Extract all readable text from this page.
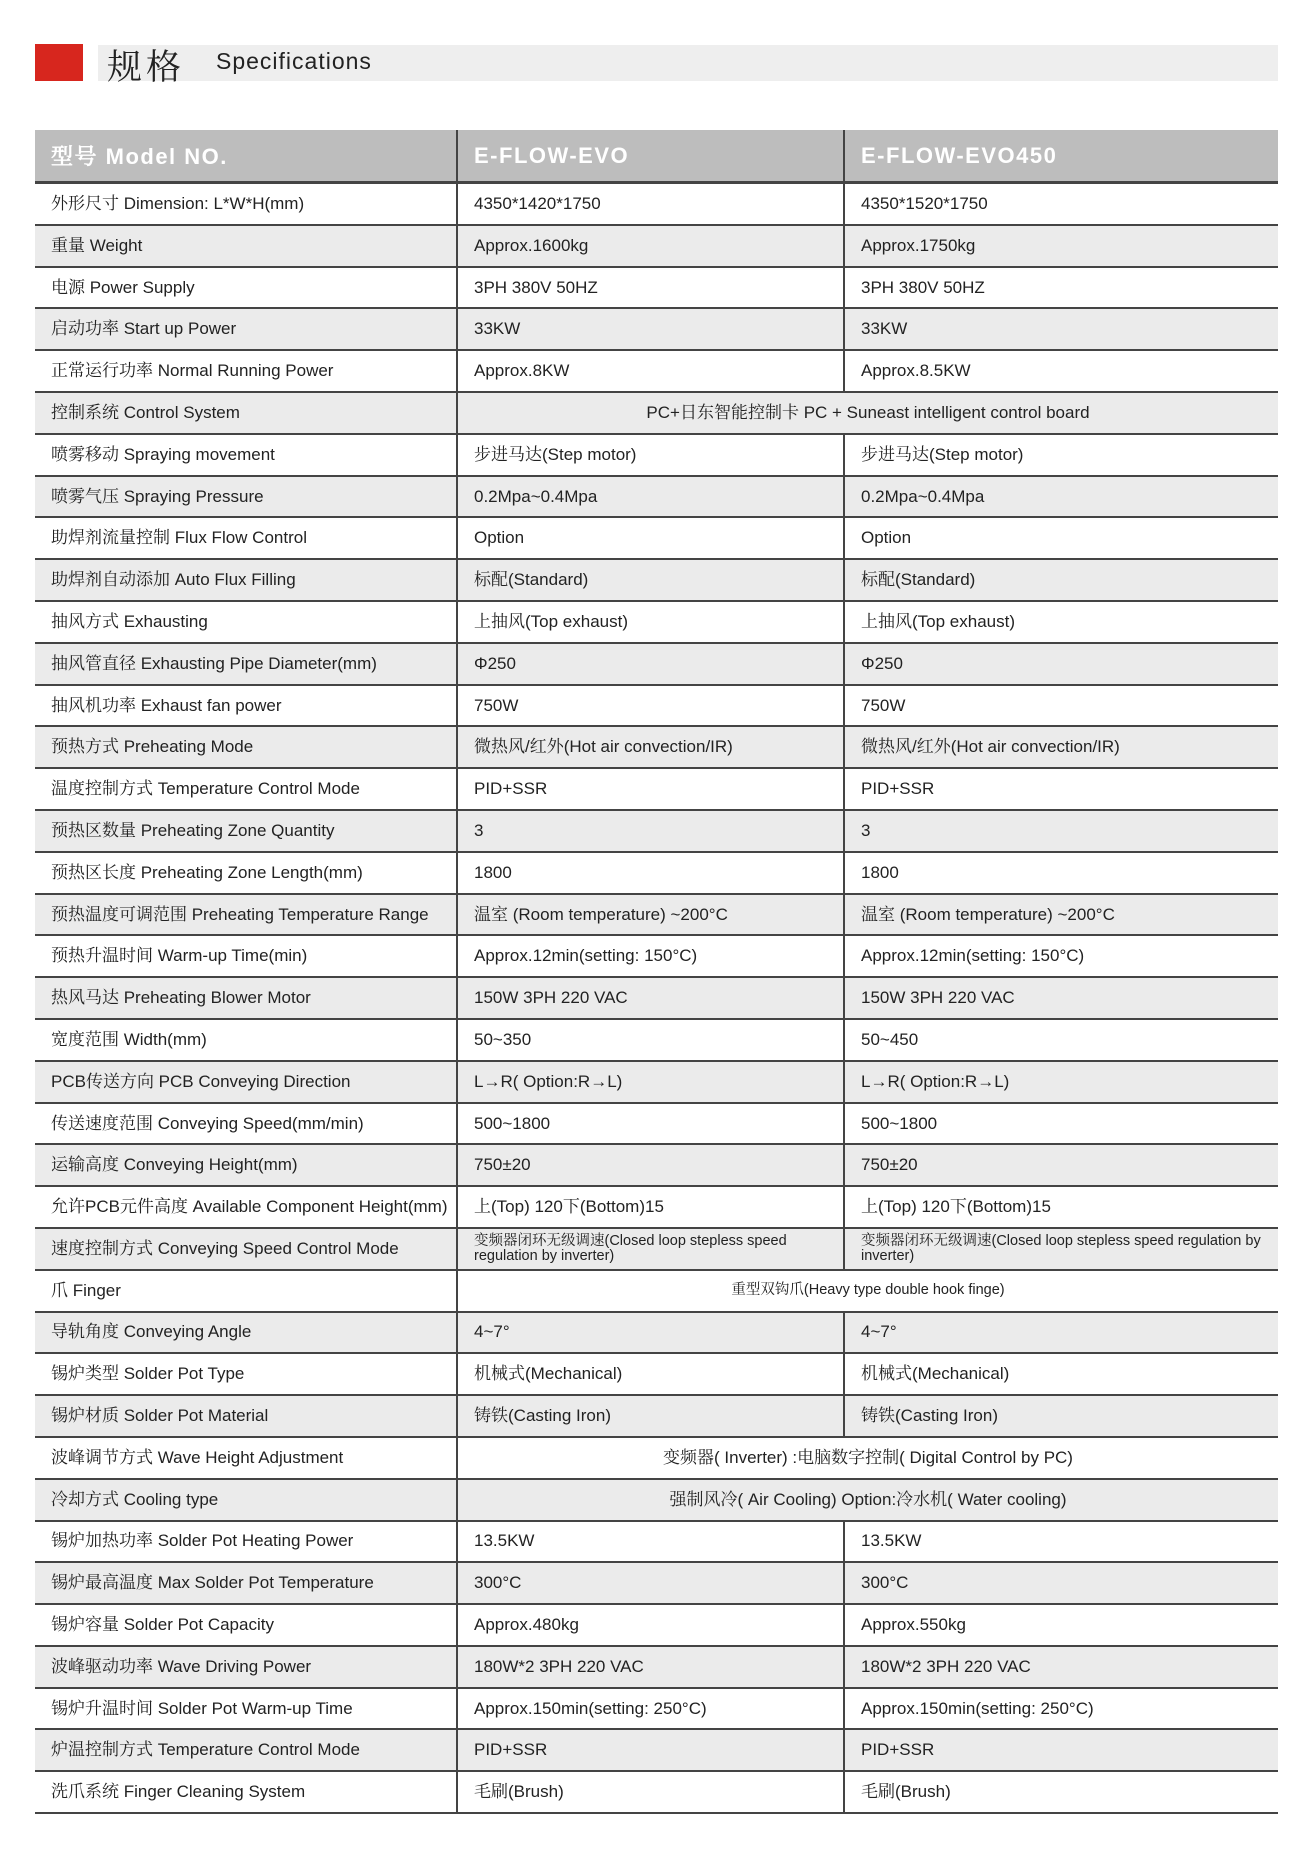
规格 Specifications
型号 Model NO.	E-FLOW-EVO	E-FLOW-EVO450
外形尺寸 Dimension: L*W*H(mm)	4350*1420*1750	4350*1520*1750
重量 Weight	Approx.1600kg	Approx.1750kg
电源 Power Supply	3PH 380V 50HZ	3PH 380V 50HZ
启动功率 Start up Power	33KW	33KW
正常运行功率 Normal Running Power	Approx.8KW	Approx.8.5KW
控制系统 Control System	PC+日东智能控制卡 PC + Suneast intelligent control board	
喷雾移动 Spraying movement	步进马达(Step motor)	步进马达(Step motor)
喷雾气压 Spraying Pressure	0.2Mpa~0.4Mpa	0.2Mpa~0.4Mpa
助焊剂流量控制 Flux Flow Control	Option	Option
助焊剂自动添加 Auto Flux Filling	标配(Standard)	标配(Standard)
抽风方式 Exhausting	上抽风(Top exhaust)	上抽风(Top exhaust)
抽风管直径 Exhausting Pipe Diameter(mm)	Φ250	Φ250
抽风机功率 Exhaust fan power	750W	750W
预热方式 Preheating Mode	微热风/红外(Hot air convection/IR)	微热风/红外(Hot air convection/IR)
温度控制方式 Temperature Control Mode	PID+SSR	PID+SSR
预热区数量 Preheating Zone Quantity	3	3
预热区长度 Preheating Zone Length(mm)	1800	1800
预热温度可调范围 Preheating Temperature Range	温室 (Room temperature) ~200°C	温室 (Room temperature) ~200°C
预热升温时间 Warm-up Time(min)	Approx.12min(setting: 150°C)	Approx.12min(setting: 150°C)
热风马达 Preheating Blower Motor	150W 3PH 220 VAC	150W 3PH 220 VAC
宽度范围 Width(mm)	50~350	50~450
PCB传送方向 PCB Conveying Direction	L→R( Option:R→L)	L→R( Option:R→L)
传送速度范围 Conveying Speed(mm/min)	500~1800	500~1800
运输高度 Conveying Height(mm)	750±20	750±20
允许PCB元件高度 Available Component Height(mm)	上(Top) 120下(Bottom)15	上(Top) 120下(Bottom)15
速度控制方式 Conveying Speed Control Mode	变频器闭环无级调速(Closed loop stepless speed regulation by inverter)	变频器闭环无级调速(Closed loop stepless speed regulation by inverter)
爪 Finger	重型双钩爪(Heavy type double hook finge)	
导轨角度 Conveying Angle	4~7°	4~7°
锡炉类型 Solder Pot Type	机械式(Mechanical)	机械式(Mechanical)
锡炉材质 Solder Pot Material	铸铁(Casting Iron)	铸铁(Casting Iron)
波峰调节方式 Wave Height Adjustment	变频器( Inverter) :电脑数字控制( Digital Control by PC)	
冷却方式 Cooling type	强制风冷( Air Cooling) Option:冷水机( Water cooling)	
锡炉加热功率 Solder Pot Heating Power	13.5KW	13.5KW
锡炉最高温度 Max Solder Pot Temperature	300°C	300°C
锡炉容量 Solder Pot Capacity	Approx.480kg	Approx.550kg
波峰驱动功率 Wave Driving Power	180W*2 3PH 220 VAC	180W*2 3PH 220 VAC
锡炉升温时间 Solder Pot Warm-up Time	Approx.150min(setting: 250°C)	Approx.150min(setting: 250°C)
炉温控制方式 Temperature Control Mode	PID+SSR	PID+SSR
洗爪系统 Finger Cleaning System	毛刷(Brush)	毛刷(Brush)
